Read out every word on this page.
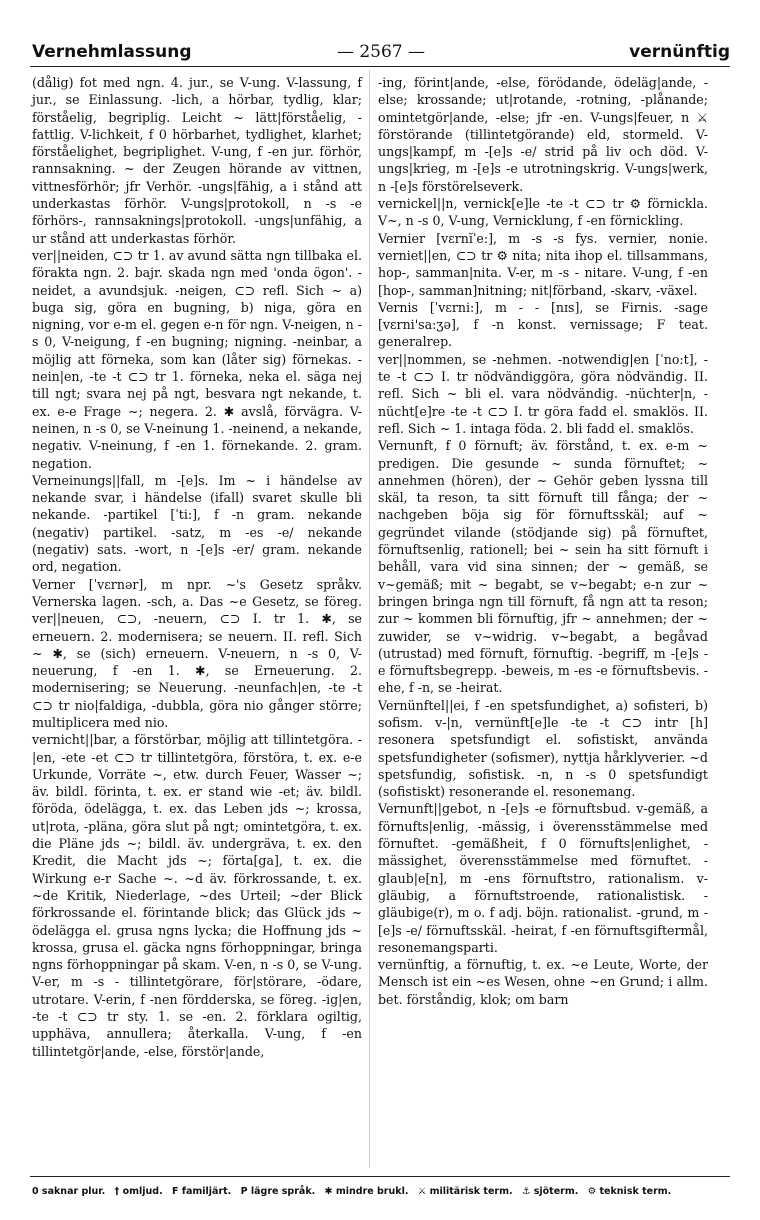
Vernehmlassung	— 2567 —	vernünftig

(dålig) fot med ngn. 4. jur., se V-ung. V-lassung, f jur., se Einlassung. -lich, a hörbar, tydlig, klar; förståelig, begriplig. Leicht ~ lätt|förståelig, -fattlig. V-lichkeit, f 0 hörbarhet, tydlighet, klarhet; förståelighet, begriplighet. V-ung, f -en jur. förhör, rannsakning. ~ der Zeugen hörande av vittnen, vittnesförhör; jfr Verhör. -ungs|fähig, a i stånd att underkastas förhör. V-ungs|protokoll, n -s -e förhörs-, rannsaknings|protokoll. -ungs|unfähig, a ur stånd att underkastas förhör.

ver||neiden, ⊂⊃ tr 1. av avund sätta ngn tillbaka el. förakta ngn. 2. bajr. skada ngn med 'onda ögon'. -neidet, a avundsjuk. -neigen, ⊂⊃ refl. Sich ~ a) buga sig, göra en bugning, b) niga, göra en nigning, vor e-m el. gegen e-n för ngn. V-neigen, n -s 0, V-neigung, f -en bugning; nigning. -neinbar, a möjlig att förneka, som kan (låter sig) förnekas. -nein|en, -te -t ⊂⊃ tr 1. förneka, neka el. säga nej till ngt; svara nej på ngt, besvara ngt nekande, t. ex. e-e Frage ~; negera. 2. ✱ avslå, förvägra. V-neinen, n -s 0, se V-neinung 1. -neinend, a nekande, negativ. V-neinung, f -en 1. förnekande. 2. gram. negation.

Verneinungs||fall, m -[e]s. Im ~ i händelse av nekande svar, i händelse (ifall) svaret skulle bli nekande. -partikel [ˈti:], f -n gram. nekande (negativ) partikel. -satz, m -es -e/ nekande (negativ) sats. -wort, n -[e]s -er/ gram. nekande ord, negation.

Verner [ˈvɛrnər], m npr. ~'s Gesetz språkv. Vernerska lagen. -sch, a. Das ~e Gesetz, se föreg. ver||neuen, ⊂⊃, -neuern, ⊂⊃ I. tr 1. ✱, se erneuern. 2. modernisera; se neuern. II. refl. Sich ~ ✱, se (sich) erneuern. V-neuern, n -s 0, V-neuerung, f -en 1. ✱, se Erneuerung. 2. modernisering; se Neuerung. -neunfach|en, -te -t ⊂⊃ tr nio|faldiga, -dubbla, göra nio gånger större; multiplicera med nio.

vernicht||bar, a förstörbar, möjlig att tillintetgöra. -|en, -ete -et ⊂⊃ tr tillintetgöra, förstöra, t. ex. e-e Urkunde, Vorräte ~, etw. durch Feuer, Wasser ~; äv. bildl. förinta, t. ex. er stand wie -et; äv. bildl. föröda, ödelägga, t. ex. das Leben jds ~; krossa, ut|rota, -pläna, göra slut på ngt; omintetgöra, t. ex. die Pläne jds ~; bildl. äv. undergräva, t. ex. den Kredit, die Macht jds ~; förta[ga], t. ex. die Wirkung e-r Sache ~. ~d äv. förkrossande, t. ex. ~de Kritik, Niederlage, ~des Urteil; ~der Blick förkrossande el. förintande blick; das Glück jds ~ ödelägga el. grusa ngns lycka; die Hoffnung jds ~ krossa, grusa el. gäcka ngns förhoppningar, bringa ngns förhoppningar på skam. V-en, n -s 0, se V-ung. V-er, m -s - tillintetgörare, för|störare, -ödare, utrotare. V-erin, f -nen fördderska, se föreg. -ig|en, -te -t ⊂⊃ tr sty. 1. se -en. 2. förklara ogiltig, upphäva, annullera; återkalla. V-ung, f -en tillintetgör|ande, -else, förstör|ande,

-ing, förint|ande, -else, förödande, ödeläg|ande, -else; krossande; ut|rotande, -rotning, -plånande; omintetgör|ande, -else; jfr -en. V-ungs|feuer, n ⚔ förstörande (tillintetgörande) eld, stormeld. V-ungs|kampf, m -[e]s -e/ strid på liv och död. V-ungs|krieg, m -[e]s -e utrotningskrig. V-ungs|werk, n -[e]s förstörelseverk.

vernickel||n, vernick[e]le -te -t ⊂⊃ tr ⚙ förnickla. V~, n -s 0, V-ung, Vernicklung, f -en förnickling.

Vernier [vɛrnĭˈe:], m -s -s fys. vernier, nonie. verniet||en, ⊂⊃ tr ⚙ nita; nita ihop el. tillsammans, hop-, samman|nita. V-er, m -s - nitare. V-ung, f -en [hop-, samman]nitning; nit|förband, -skarv, -växel.

Vernis [ˈvɛrni:], m - - [nɪs], se Firnis. -sage [vɛrni'sa:ʒə], f -n konst. vernissage; F teat. generalrep.

ver||nommen, se -nehmen. -notwendig|en [ˈno:t], -te -t ⊂⊃ I. tr nödvändiggöra, göra nödvändig. II. refl. Sich ~ bli el. vara nödvändig. -nüchter|n, -nücht[e]re -te -t ⊂⊃ I. tr göra fadd el. smaklös. II. refl. Sich ~ 1. intaga föda. 2. bli fadd el. smaklös.

Vernunft, f 0 förnuft; äv. förstånd, t. ex. e-m ~ predigen. Die gesunde ~ sunda förnuftet; ~ annehmen (hören), der ~ Gehör geben lyssna till skäl, ta reson, ta sitt förnuft till fånga; der ~ nachgeben böja sig för förnuftsskäl; auf ~ gegründet vilande (stödjande sig) på förnuftet, förnuftsenlig, rationell; bei ~ sein ha sitt förnuft i behåll, vara vid sina sinnen; der ~ gemäß, se v~gemäß; mit ~ begabt, se v~begabt; e-n zur ~ bringen bringa ngn till förnuft, få ngn att ta reson; zur ~ kommen bli förnuftig, jfr ~ annehmen; der ~ zuwider, se v~widrig. v~begabt, a begåvad (utrustad) med förnuft, förnuftig. -begriff, m -[e]s -e förnuftsbegrepp. -beweis, m -es -e förnuftsbevis. -ehe, f -n, se -heirat.

Vernünftel||ei, f -en spetsfundighet, a) sofisteri, b) sofism. v-|n, vernünft[e]le -te -t ⊂⊃ intr [h] resonera spetsfundigt el. sofistiskt, använda spetsfundigheter (sofismer), nyttja hårklyverier. ~d spetsfundig, sofistisk. -n, n -s 0 spetsfundigt (sofistiskt) resonerande el. resonemang.

Vernunft||gebot, n -[e]s -e förnuftsbud. v-gemäß, a förnufts|enlig, -mässig, i överensstämmelse med förnuftet. -gemäßheit, f 0 förnufts|enlighet, -mässighet, överensstämmelse med förnuftet. -glaub|e[n], m -ens förnuftstro, rationalism. v-gläubig, a förnuftstroende, rationalistisk. -gläubige(r), m o. f adj. böjn. rationalist. -grund, m -[e]s -e/ förnuftsskäl. -heirat, f -en förnuftsgiftermål, resonemangsparti.

vernünftig, a förnuftig, t. ex. ~e Leute, Worte, der Mensch ist ein ~es Wesen, ohne ~en Grund; i allm. bet. förståndig, klok; om barn

0 saknar plur. † omljud. F familjärt. P lägre språk. ✱ mindre brukl. ⚔ militärisk term. ⚓ sjöterm. ⚙ teknisk term.
